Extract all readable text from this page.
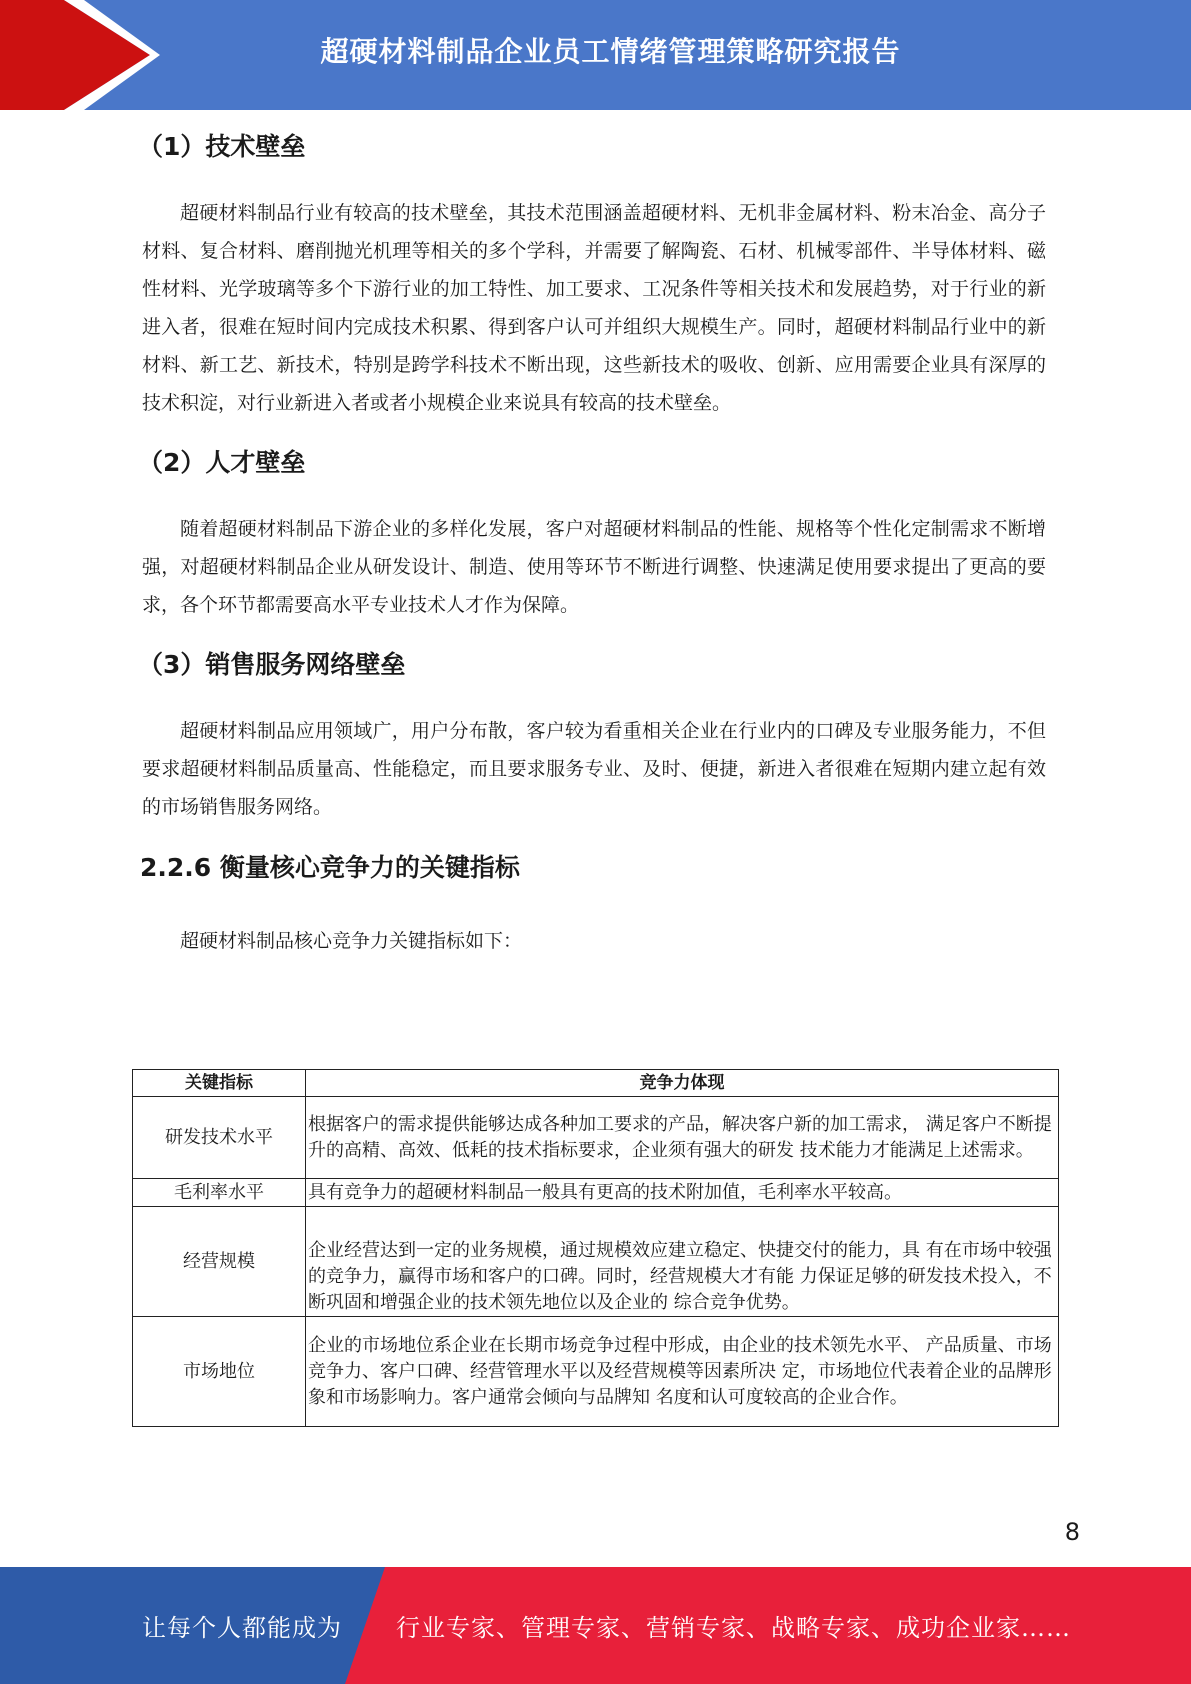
超硬材料制品企业员工情绪管理策略研究报告
（1）技术壁垒

超硬材料制品行业有较高的技术壁垒，其技术范围涵盖超硬材料、无机非金属材料、粉末冶金、高分子材料、复合材料、磨削抛光机理等相关的多个学科，并需要了解陶瓷、石材、机械零部件、半导体材料、磁性材料、光学玻璃等多个下游行业的加工特性、加工要求、工况条件等相关技术和发展趋势，对于行业的新进入者，很难在短时间内完成技术积累、得到客户认可并组织大规模生产。同时，超硬材料制品行业中的新材料、新工艺、新技术，特别是跨学科技术不断出现，这些新技术的吸收、创新、应用需要企业具有深厚的技术积淀，对行业新进入者或者小规模企业来说具有较高的技术壁垒。

（2）人才壁垒

随着超硬材料制品下游企业的多样化发展，客户对超硬材料制品的性能、规格等个性化定制需求不断增强，对超硬材料制品企业从研发设计、制造、使用等环节不断进行调整、快速满足使用要求提出了更高的要求，各个环节都需要高水平专业技术人才作为保障。

（3）销售服务网络壁垒

超硬材料制品应用领域广，用户分布散，客户较为看重相关企业在行业内的口碑及专业服务能力，不但要求超硬材料制品质量高、性能稳定，而且要求服务专业、及时、便捷，新进入者很难在短期内建立起有效的市场销售服务网络。

2.2.6 衡量核心竞争力的关键指标

超硬材料制品核心竞争力关键指标如下：

关键指标	竞争力体现
研发技术水平	根据客户的需求提供能够达成各种加工要求的产品，解决客户新的加工需求， 满足客户不断提升的高精、高效、低耗的技术指标要求，企业须有强大的研发 技术能力才能满足上述需求。
毛利率水平	具有竞争力的超硬材料制品一般具有更高的技术附加值，毛利率水平较高。
经营规模	企业经营达到一定的业务规模，通过规模效应建立稳定、快捷交付的能力，具 有在市场中较强的竞争力，赢得市场和客户的口碑。同时，经营规模大才有能 力保证足够的研发技术投入，不断巩固和增强企业的技术领先地位以及企业的 综合竞争优势。
市场地位	企业的市场地位系企业在长期市场竞争过程中形成，由企业的技术领先水平、 产品质量、市场竞争力、客户口碑、经营管理水平以及经营规模等因素所决 定，市场地位代表着企业的品牌形象和市场影响力。客户通常会倾向与品牌知 名度和认可度较高的企业合作。
8
让每个人都能成为 行业专家、管理专家、营销专家、战略专家、成功企业家……
